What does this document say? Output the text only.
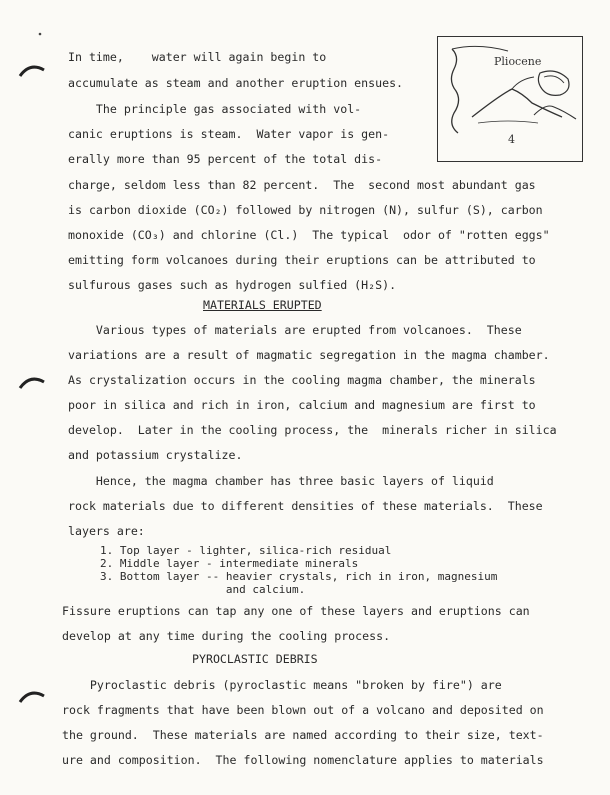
Pliocene
4
In time,    water will again begin to
accumulate as steam and another eruption ensues.
The principle gas associated with vol-
canic eruptions is steam.  Water vapor is gen-
erally more than 95 percent of the total dis-
charge, seldom less than 82 percent.  The  second most abundant gas
is carbon dioxide (CO₂) followed by nitrogen (N), sulfur (S), carbon
monoxide (CO₃) and chlorine (Cl.)  The typical  odor of "rotten eggs"
emitting form volcanoes during their eruptions can be attributed to
sulfurous gases such as hydrogen sulfied (H₂S).
MATERIALS ERUPTED
Various types of materials are erupted from volcanoes.  These
variations are a result of magmatic segregation in the magma chamber.
As crystalization occurs in the cooling magma chamber, the minerals
poor in silica and rich in iron, calcium and magnesium are first to
develop.  Later in the cooling process, the  minerals richer in silica
and potassium crystalize.
Hence, the magma chamber has three basic layers of liquid
rock materials due to different densities of these materials.  These
layers are:
1. Top layer - lighter, silica-rich residual
2. Middle layer - intermediate minerals
3. Bottom layer -- heavier crystals, rich in iron, magnesium
and calcium.
Fissure eruptions can tap any one of these layers and eruptions can
develop at any time during the cooling process.
PYROCLASTIC DEBRIS
Pyroclastic debris (pyroclastic means "broken by fire") are
rock fragments that have been blown out of a volcano and deposited on
the ground.  These materials are named according to their size, text-
ure and composition.  The following nomenclature applies to materials
